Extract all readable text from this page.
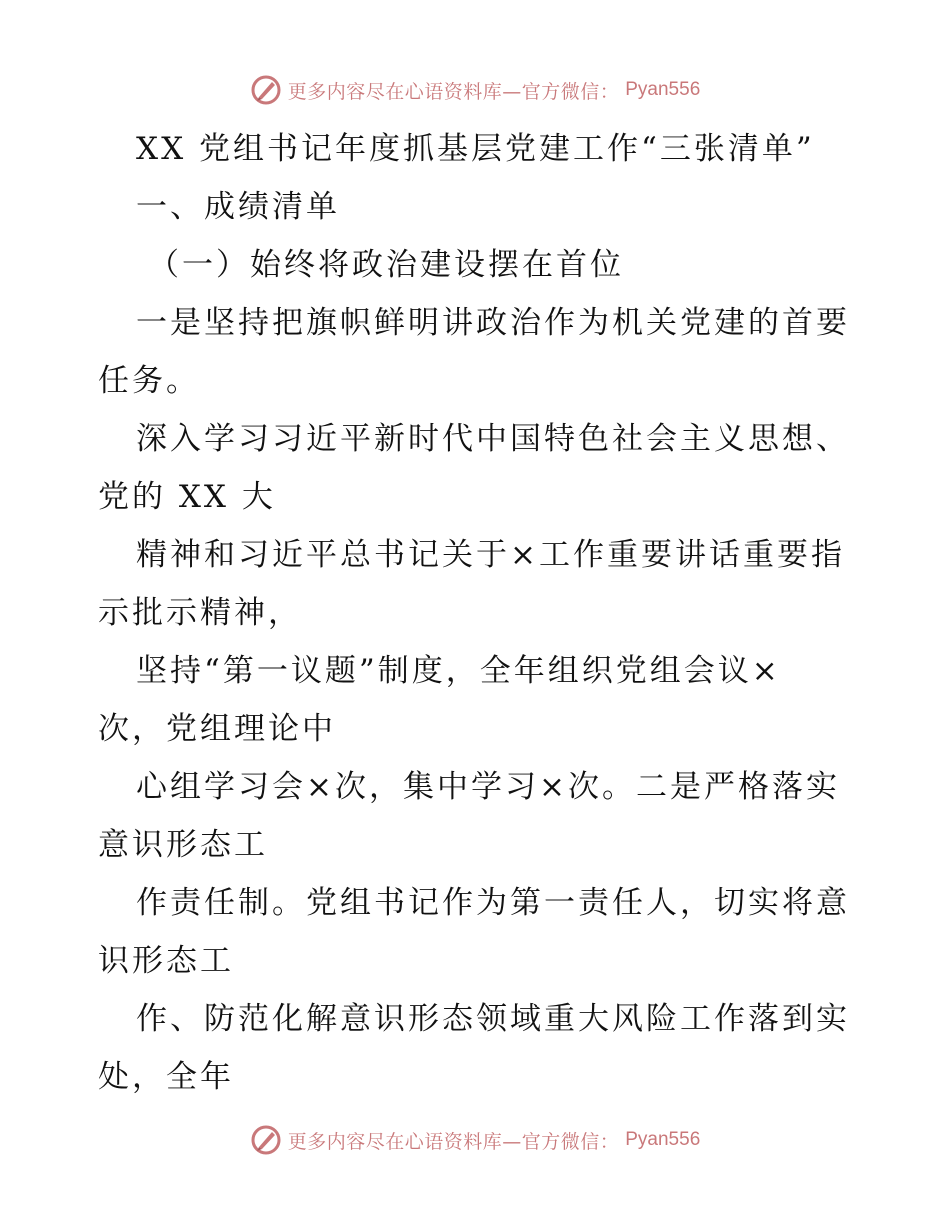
更多内容尽在心语资料库—官方微信： Pyan556
XX 党组书记年度抓基层党建工作“三张清单”
一、成绩清单
（一）始终将政治建设摆在首位
一是坚持把旗帜鲜明讲政治作为机关党建的首要
任务。
深入学习习近平新时代中国特色社会主义思想、
党的 XX 大
精神和习近平总书记关于×工作重要讲话重要指
示批示精神，
坚持“第一议题”制度，全年组织党组会议×
次，党组理论中
心组学习会×次，集中学习×次。二是严格落实
意识形态工
作责任制。党组书记作为第一责任人，切实将意
识形态工
作、防范化解意识形态领域重大风险工作落到实
处，全年
更多内容尽在心语资料库—官方微信： Pyan556
